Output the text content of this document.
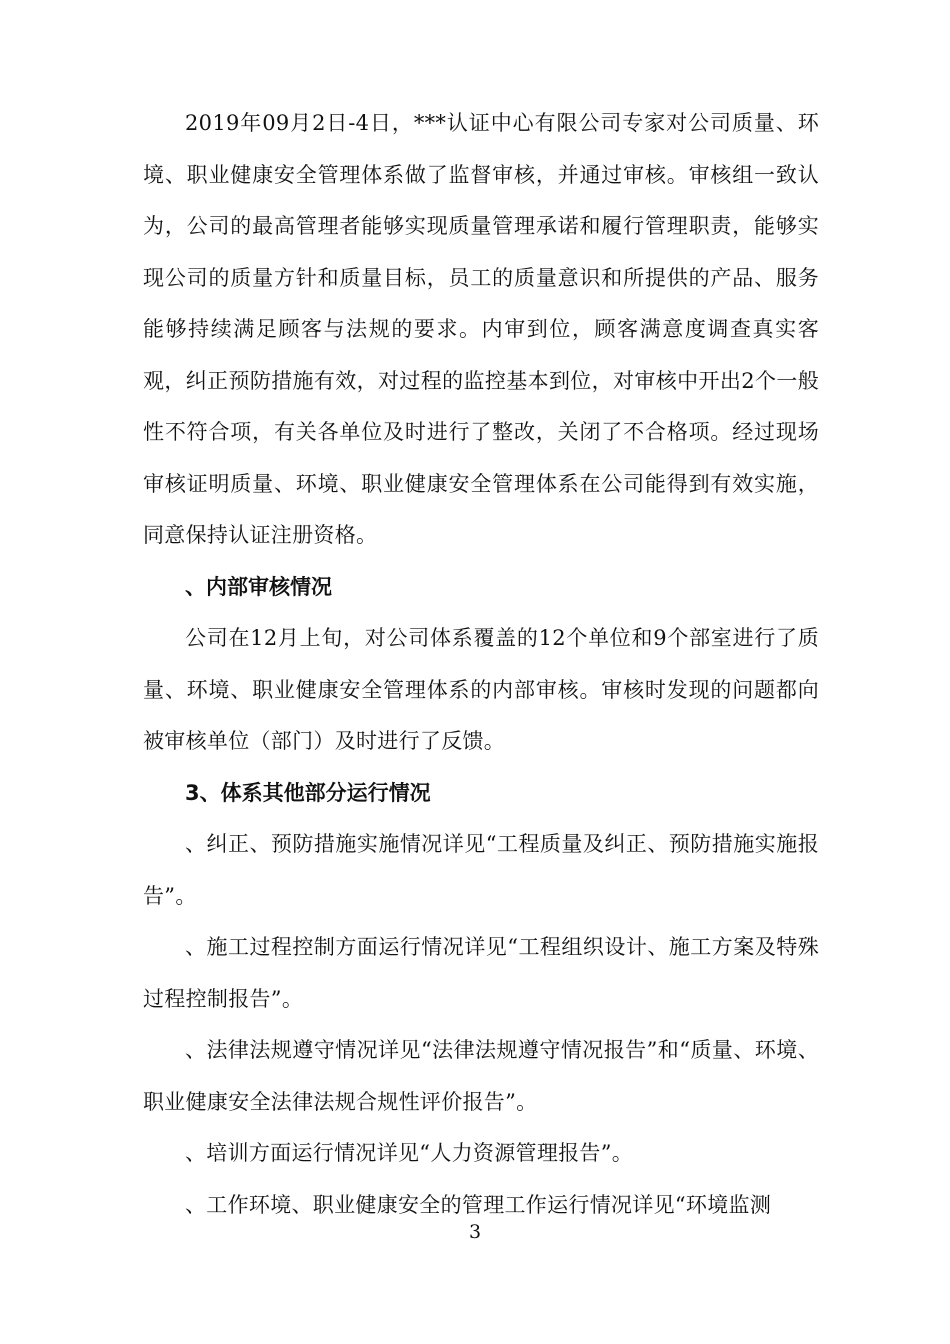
2019年09月2日-4日，***认证中心有限公司专家对公司质量、环境、职业健康安全管理体系做了监督审核，并通过审核。审核组一致认为，公司的最高管理者能够实现质量管理承诺和履行管理职责，能够实现公司的质量方针和质量目标，员工的质量意识和所提供的产品、服务能够持续满足顾客与法规的要求。内审到位，顾客满意度调查真实客观，纠正预防措施有效，对过程的监控基本到位，对审核中开出2个一般性不符合项，有关各单位及时进行了整改，关闭了不合格项。经过现场审核证明质量、环境、职业健康安全管理体系在公司能得到有效实施，同意保持认证注册资格。

、内部审核情况

公司在12月上旬，对公司体系覆盖的12个单位和9个部室进行了质量、环境、职业健康安全管理体系的内部审核。审核时发现的问题都向被审核单位（部门）及时进行了反馈。

3、体系其他部分运行情况

、纠正、预防措施实施情况详见“工程质量及纠正、预防措施实施报告”。

、施工过程控制方面运行情况详见“工程组织设计、施工方案及特殊过程控制报告”。

、法律法规遵守情况详见“法律法规遵守情况报告”和“质量、环境、职业健康安全法律法规合规性评价报告”。

、培训方面运行情况详见“人力资源管理报告”。

、工作环境、职业健康安全的管理工作运行情况详见“环境监测

3
